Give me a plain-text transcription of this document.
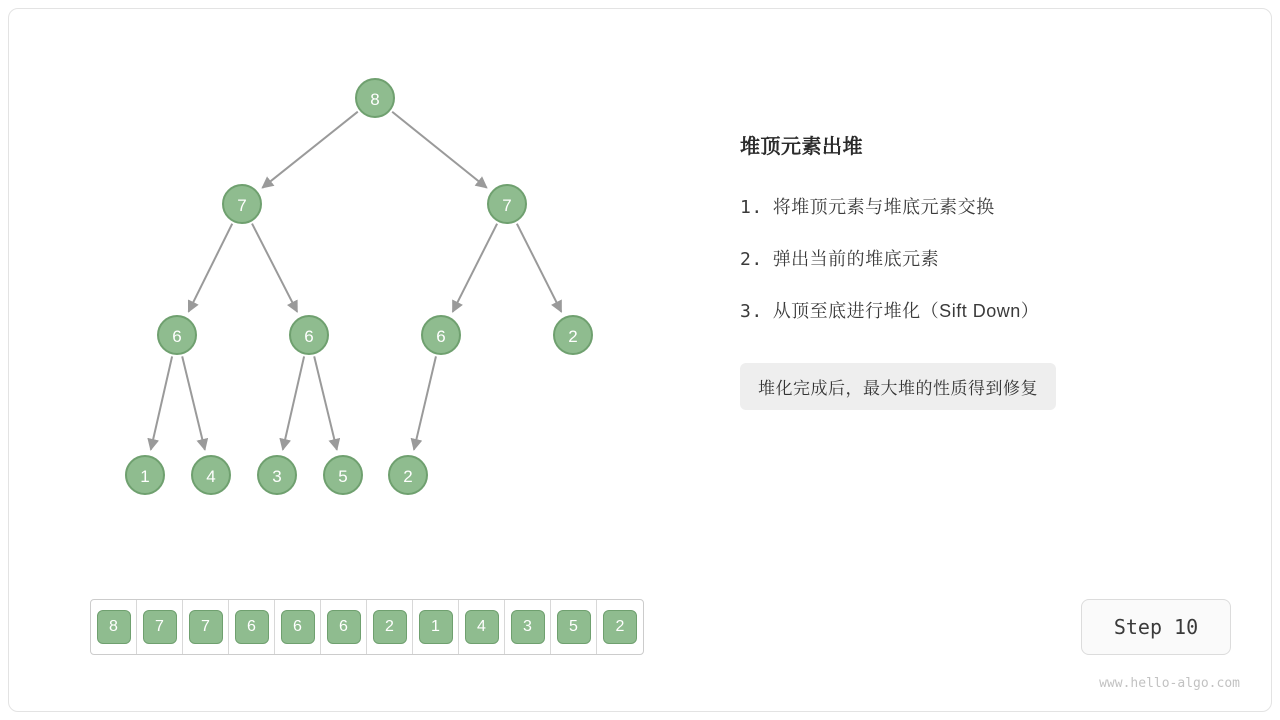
8
7	7
6	6	6	2
1	4	3	5	2
8	7	7	6	6	6	2	1	4	3	5	2
堆顶元素出堆
1. 将堆顶元素与堆底元素交换
2. 弹出当前的堆底元素
3. 从顶至底进行堆化（Sift Down）
堆化完成后，最大堆的性质得到修复
Step 10
www.hello-algo.com
